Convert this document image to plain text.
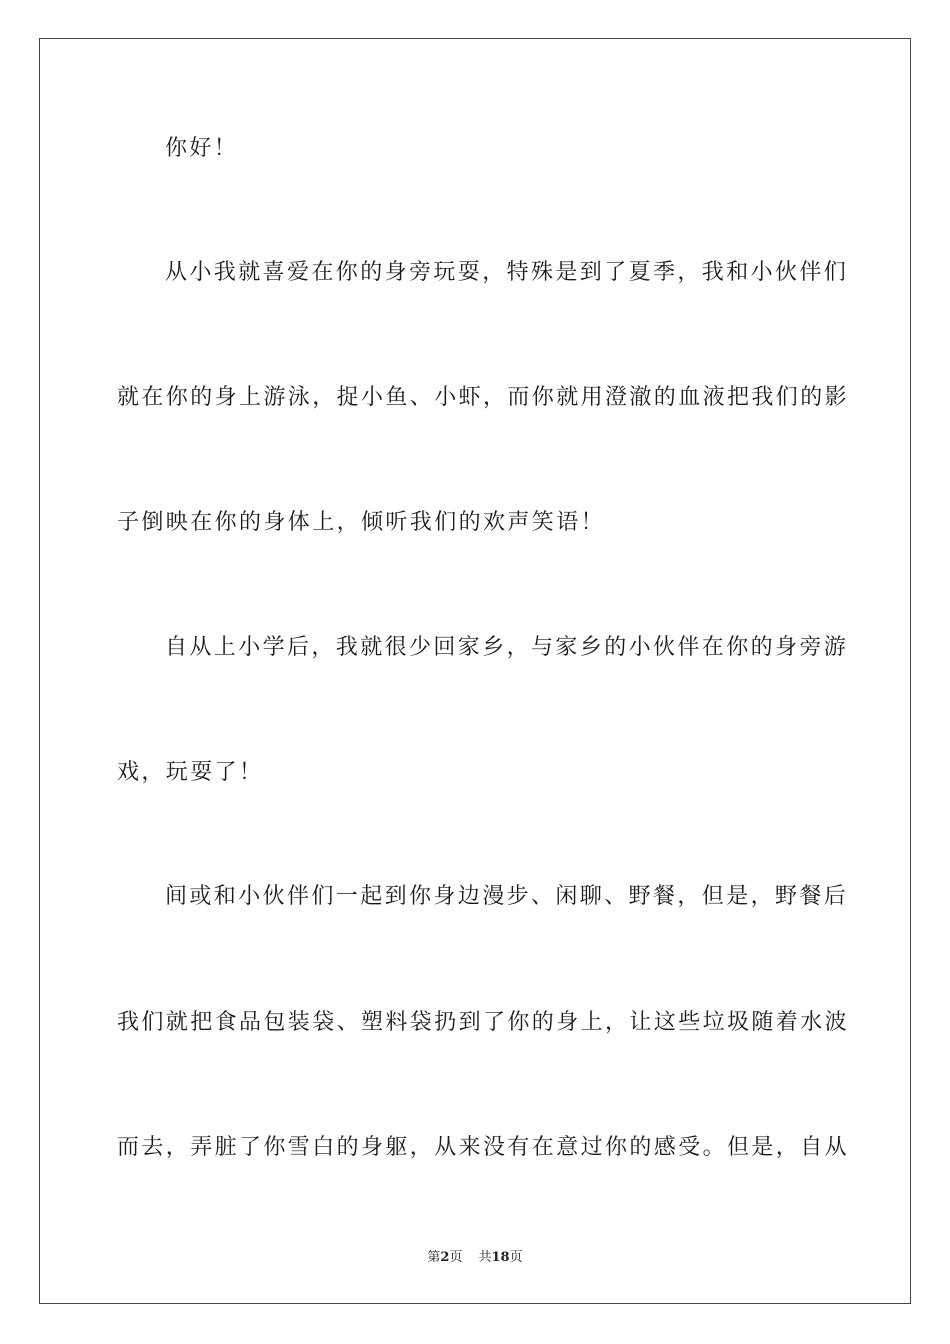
你好！
从小我就喜爱在你的身旁玩耍，特殊是到了夏季，我和小伙伴们
就在你的身上游泳，捉小鱼、小虾，而你就用澄澈的血液把我们的影
子倒映在你的身体上，倾听我们的欢声笑语！
自从上小学后，我就很少回家乡，与家乡的小伙伴在你的身旁游
戏，玩耍了！
间或和小伙伴们一起到你身边漫步、闲聊、野餐，但是，野餐后
我们就把食品包装袋、塑料袋扔到了你的身上，让这些垃圾随着水波
而去，弄脏了你雪白的身躯，从来没有在意过你的感受。但是，自从
第2页 共18页
